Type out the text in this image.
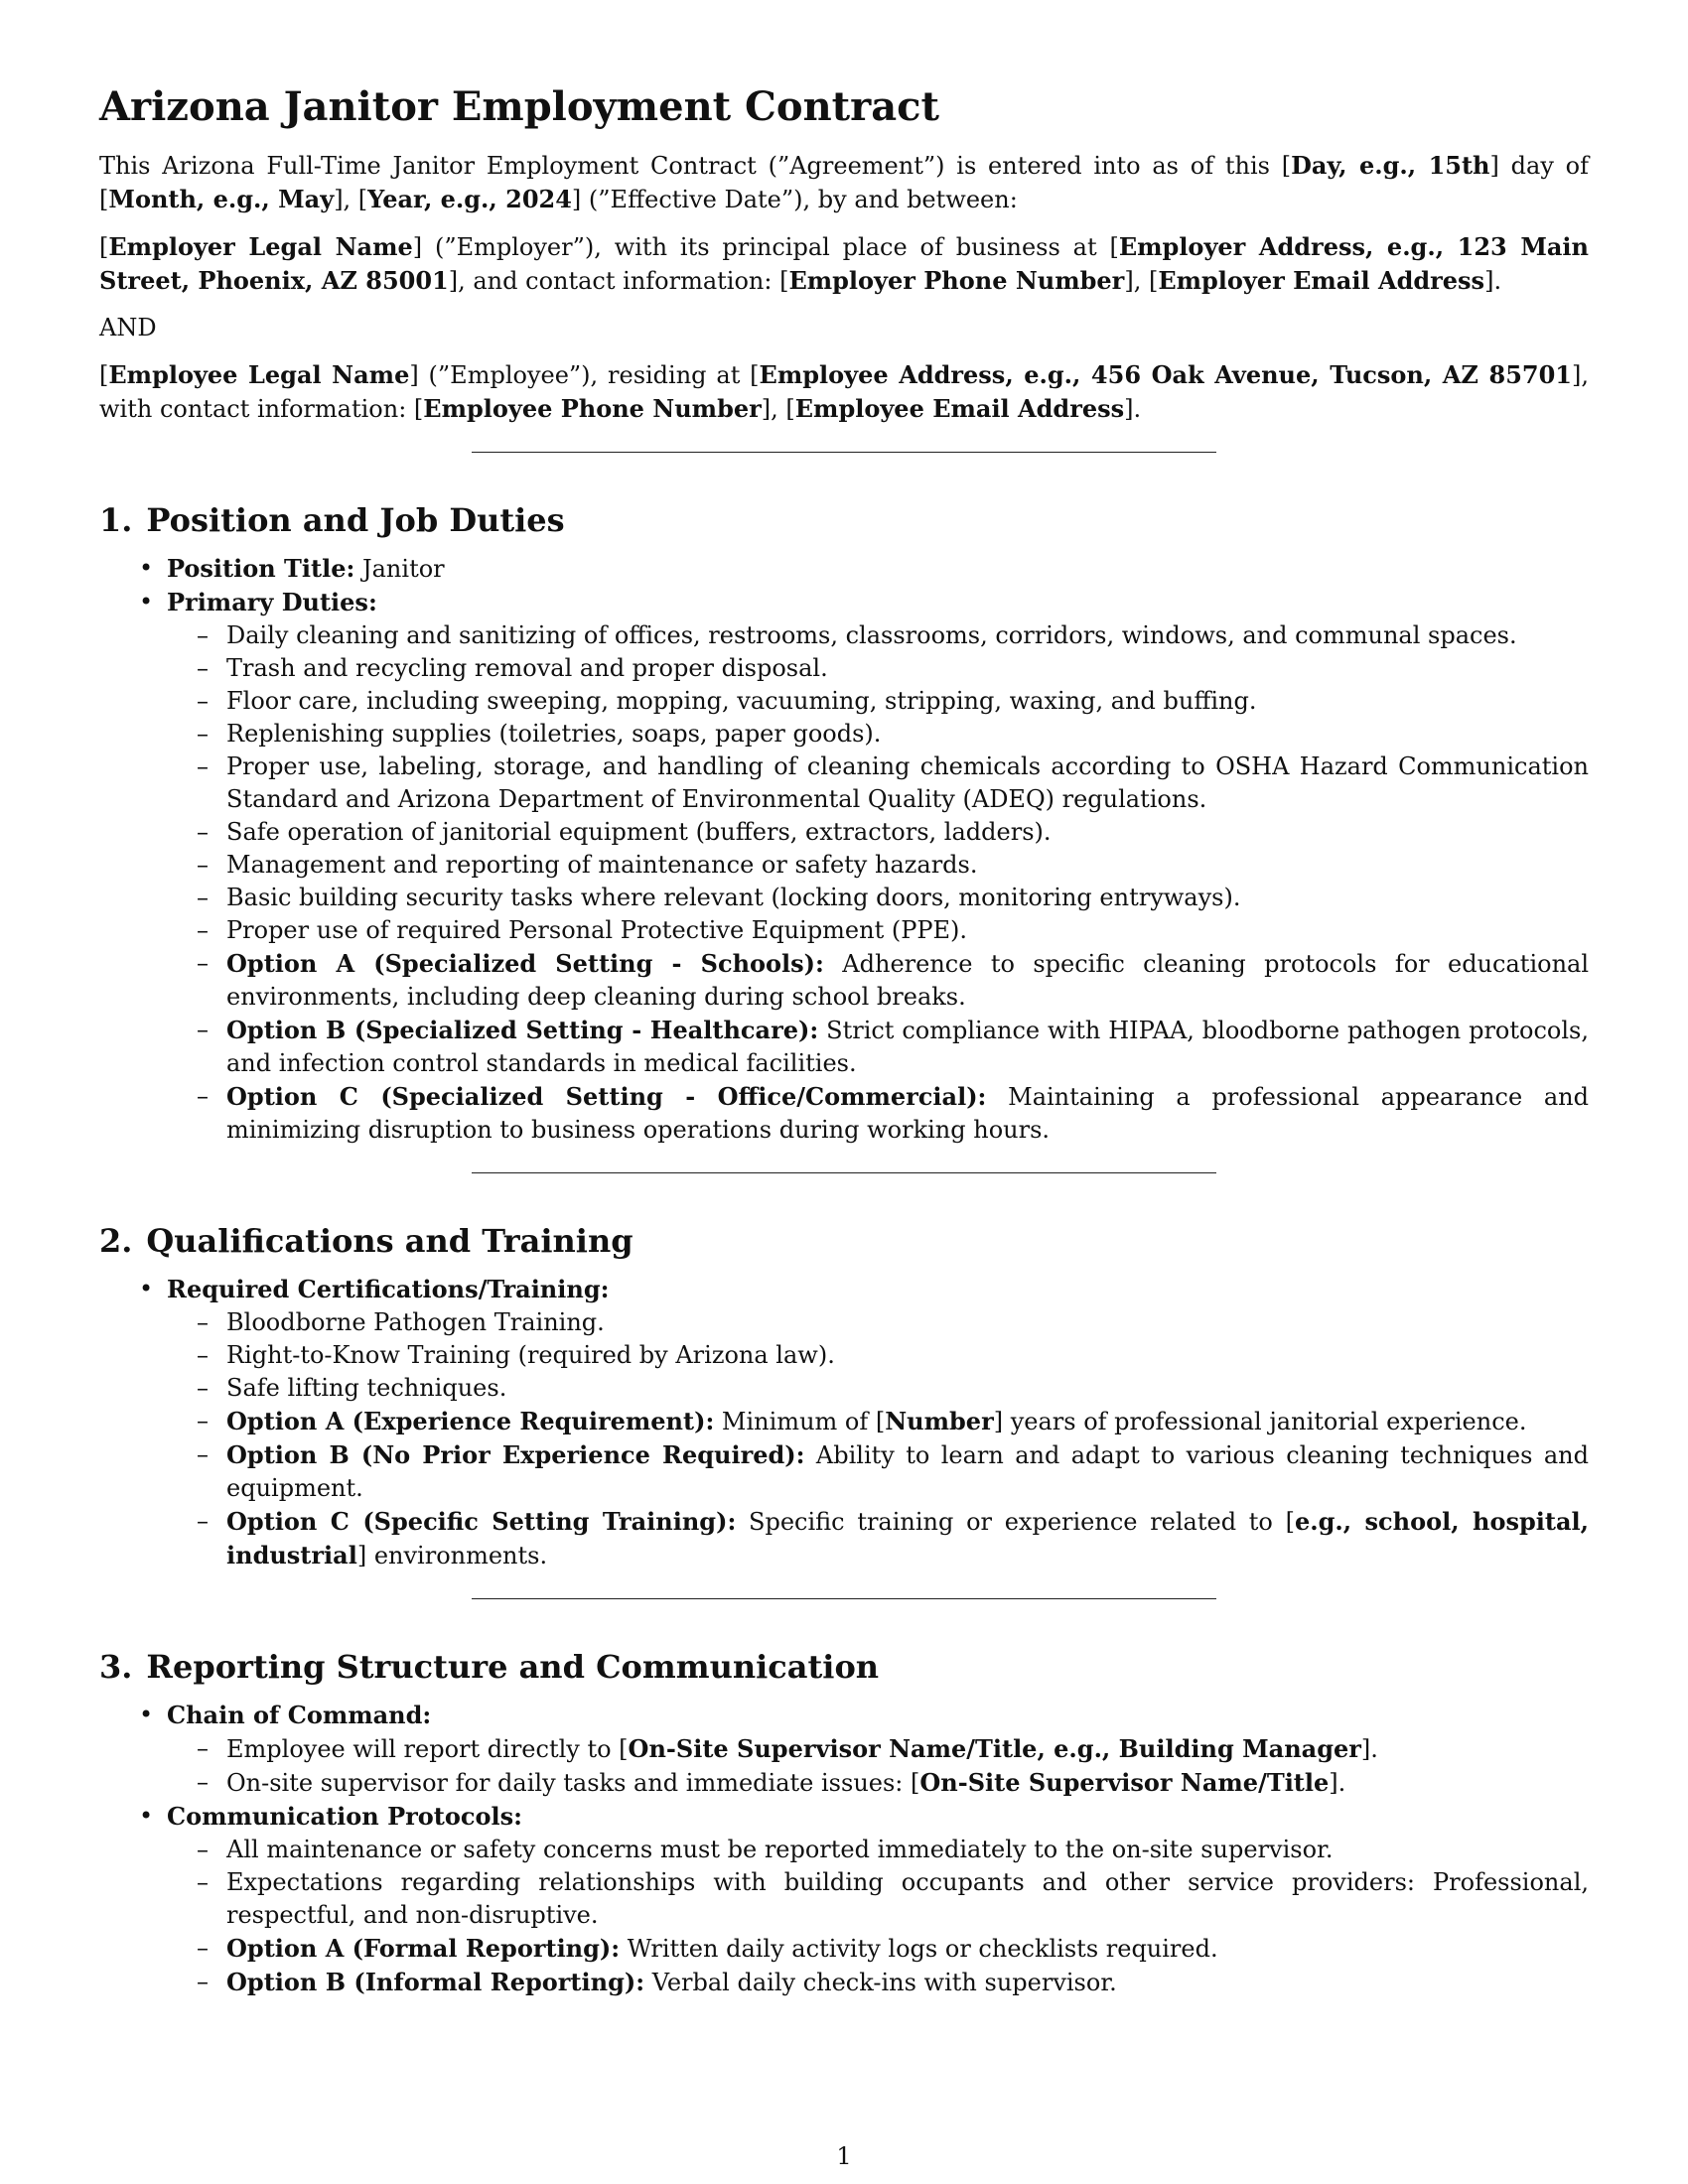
Arizona Janitor Employment Contract

This Arizona Full-Time Janitor Employment Contract (”Agreement”) is entered into as of this [Day, e.g., 15th] day of [Month, e.g., May], [Year, e.g., 2024] (”Effective Date”), by and between:

[Employer Legal Name] (”Employer”), with its principal place of business at [Employer Address, e.g., 123 Main Street, Phoenix, AZ 85001], and contact information: [Employer Phone Number], [Employer Email Address].

AND

[Employee Legal Name] (”Employee”), residing at [Employee Address, e.g., 456 Oak Avenue, Tucson, AZ 85701], with contact information: [Employee Phone Number], [Employee Email Address].

1. Position and Job Duties
• Position Title: Janitor
• Primary Duties:
– Daily cleaning and sanitizing of offices, restrooms, classrooms, corridors, windows, and communal spaces.
– Trash and recycling removal and proper disposal.
– Floor care, including sweeping, mopping, vacuuming, stripping, waxing, and buffing.
– Replenishing supplies (toiletries, soaps, paper goods).
– Proper use, labeling, storage, and handling of cleaning chemicals according to OSHA Hazard Communication Standard and Arizona Department of Environmental Quality (ADEQ) regulations.
– Safe operation of janitorial equipment (buffers, extractors, ladders).
– Management and reporting of maintenance or safety hazards.
– Basic building security tasks where relevant (locking doors, monitoring entryways).
– Proper use of required Personal Protective Equipment (PPE).
– Option A (Specialized Setting - Schools): Adherence to specific cleaning protocols for educational environments, including deep cleaning during school breaks.
– Option B (Specialized Setting - Healthcare): Strict compliance with HIPAA, bloodborne pathogen protocols, and infection control standards in medical facilities.
– Option C (Specialized Setting - Office/Commercial): Maintaining a professional appearance and minimizing disruption to business operations during working hours.
2. Qualifications and Training
• Required Certifications/Training:
– Bloodborne Pathogen Training.
– Right-to-Know Training (required by Arizona law).
– Safe lifting techniques.
– Option A (Experience Requirement): Minimum of [Number] years of professional janitorial experience.
– Option B (No Prior Experience Required): Ability to learn and adapt to various cleaning techniques and equipment.
– Option C (Specific Setting Training): Specific training or experience related to [e.g., school, hospital, industrial] environments.
3. Reporting Structure and Communication
• Chain of Command:
– Employee will report directly to [On-Site Supervisor Name/Title, e.g., Building Manager].
– On-site supervisor for daily tasks and immediate issues: [On-Site Supervisor Name/Title].
• Communication Protocols:
– All maintenance or safety concerns must be reported immediately to the on-site supervisor.
– Expectations regarding relationships with building occupants and other service providers: Professional, respectful, and non-disruptive.
– Option A (Formal Reporting): Written daily activity logs or checklists required.
– Option B (Informal Reporting): Verbal daily check-ins with supervisor.
1
